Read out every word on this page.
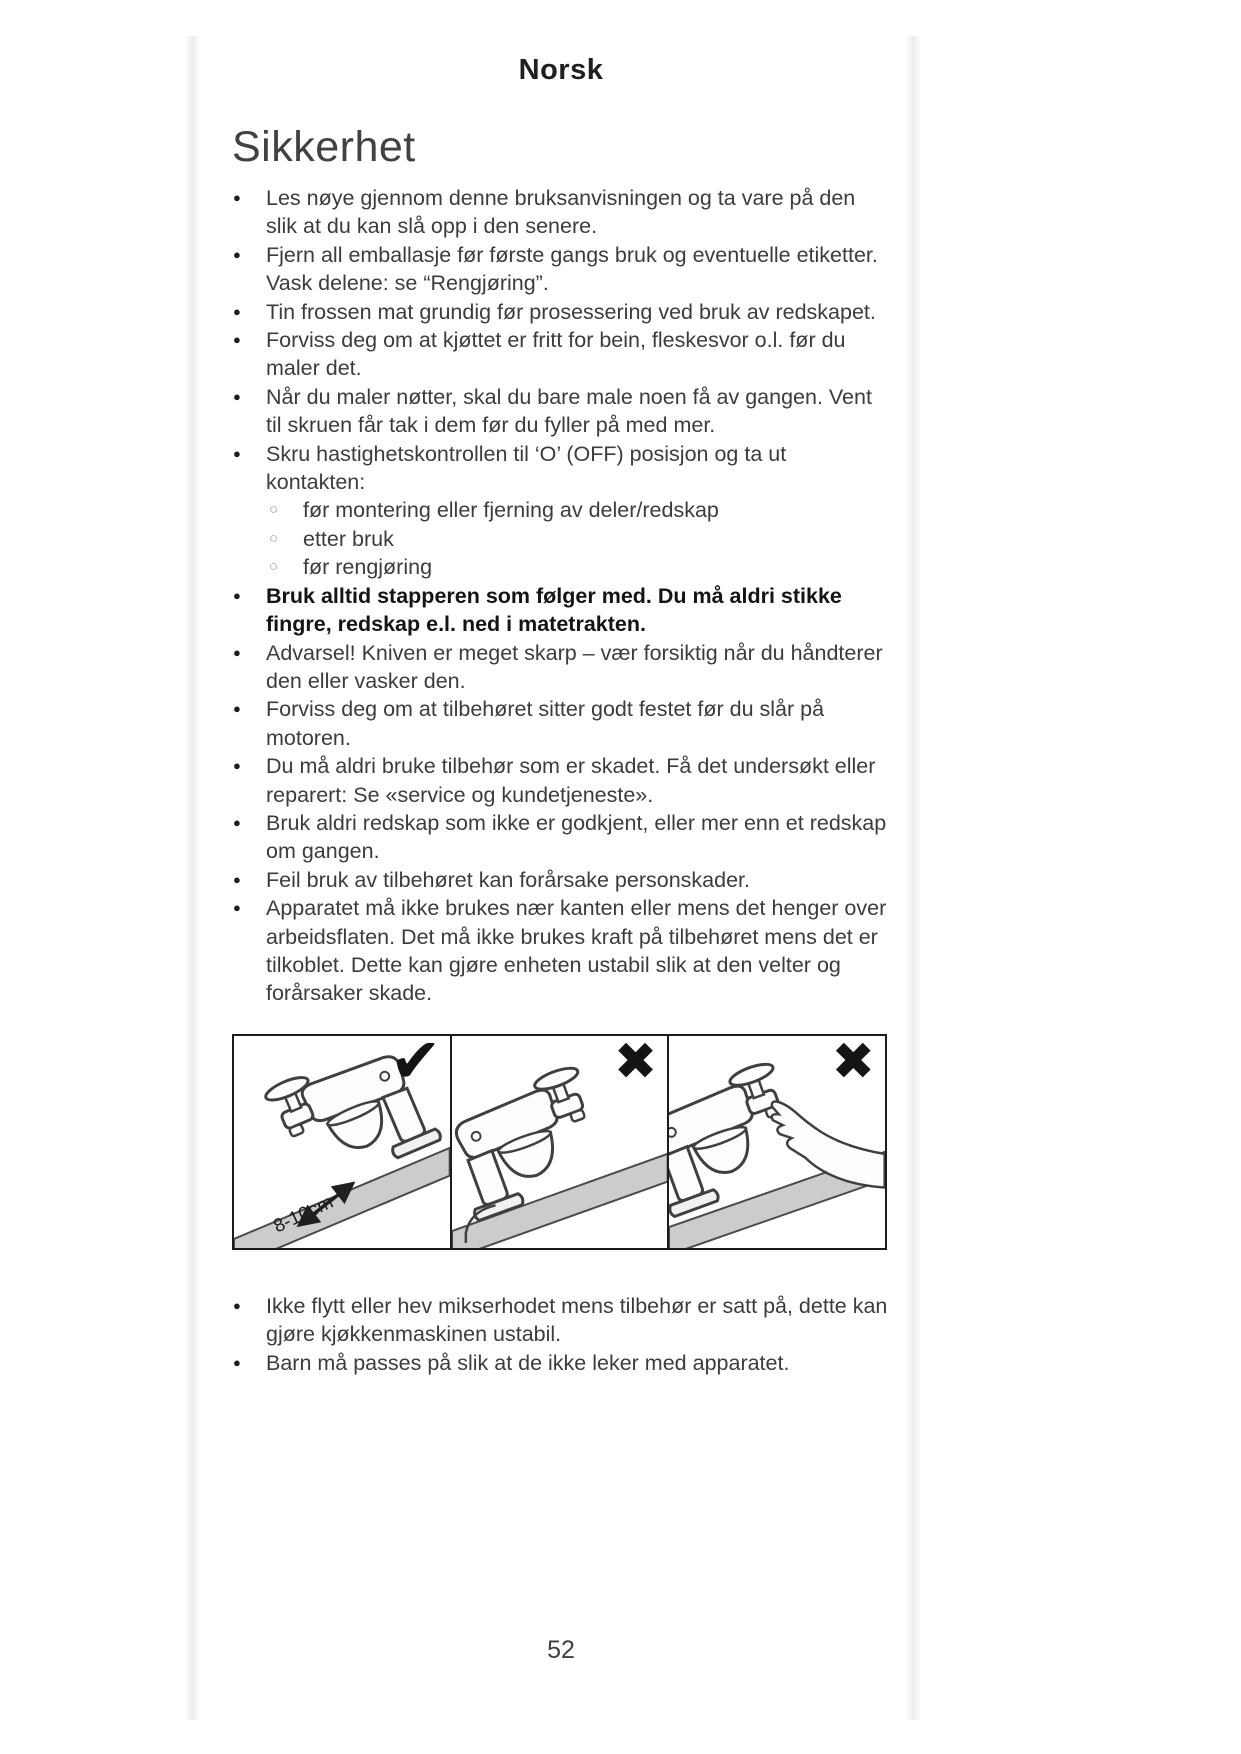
Norsk
Sikkerhet
● Les nøye gjennom denne bruksanvisningen og ta vare på den slik at du kan slå opp i den senere.
● Fjern all emballasje før første gangs bruk og eventuelle etiketter. Vask delene: se “Rengjøring”.
● Tin frossen mat grundig før prosessering ved bruk av redskapet.
● Forviss deg om at kjøttet er fritt for bein, fleskesvor o.l. før du maler det.
● Når du maler nøtter, skal du bare male noen få av gangen. Vent til skruen får tak i dem før du fyller på med mer.
● Skru hastighetskontrollen til ‘O’ (OFF) posisjon og ta ut kontakten:
○ før montering eller fjerning av deler/redskap
○ etter bruk
○ før rengjøring
● Bruk alltid stapperen som følger med. Du må aldri stikke fingre, redskap e.l. ned i matetrakten.
● Advarsel! Kniven er meget skarp – vær forsiktig når du håndterer den eller vasker den.
● Forviss deg om at tilbehøret sitter godt festet før du slår på motoren.
● Du må aldri bruke tilbehør som er skadet. Få det undersøkt eller reparert: Se «service og kundetjeneste».
● Bruk aldri redskap som ikke er godkjent, eller mer enn et redskap om gangen.
● Feil bruk av tilbehøret kan forårsake personskader.
● Apparatet må ikke brukes nær kanten eller mens det henger over arbeidsflaten. Det må ikke brukes kraft på tilbehøret mens det er tilkoblet. Dette kan gjøre enheten ustabil slik at den velter og forårsaker skade.
✔
8-10cm
✖	✖
● Ikke flytt eller hev mikserhodet mens tilbehør er satt på, dette kan gjøre kjøkkenmaskinen ustabil.
● Barn må passes på slik at de ikke leker med apparatet.
52
